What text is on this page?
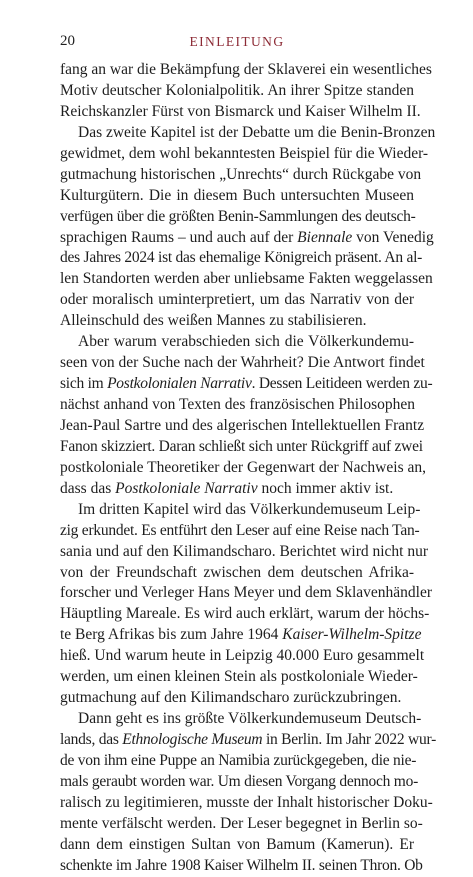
20	EINLEITUNG

fang an war die Bekämpfung der Sklaverei ein wesentliches
Motiv deutscher Kolonialpolitik. An ihrer Spitze standen
Reichskanzler Fürst von Bismarck und Kaiser Wilhelm II.

Das zweite Kapitel ist der Debatte um die Benin-Bronzen
gewidmet, dem wohl bekanntesten Beispiel für die Wieder-
gutmachung historischen „Unrechts“ durch Rückgabe von
Kulturgütern. Die in diesem Buch untersuchten Museen
verfügen über die größten Benin-Sammlungen des deutsch-
sprachigen Raums – und auch auf der Biennale von Venedig
des Jahres 2024 ist das ehemalige Königreich präsent. An al-
len Standorten werden aber unliebsame Fakten weggelassen
oder moralisch uminterpretiert, um das Narrativ von der
Alleinschuld des weißen Mannes zu stabilisieren.

Aber warum verabschieden sich die Völkerkundemu-
seen von der Suche nach der Wahrheit? Die Antwort findet
sich im Postkolonialen Narrativ. Dessen Leitideen werden zu-
nächst anhand von Texten des französischen Philosophen
Jean-Paul Sartre und des algerischen Intellektuellen Frantz
Fanon skizziert. Daran schließt sich unter Rückgriff auf zwei
postkoloniale Theoretiker der Gegenwart der Nachweis an,
dass das Postkoloniale Narrativ noch immer aktiv ist.

Im dritten Kapitel wird das Völkerkundemuseum Leip-
zig erkundet. Es entführt den Leser auf eine Reise nach Tan-
sania und auf den Kilimandscharo. Berichtet wird nicht nur
von der Freundschaft zwischen dem deutschen Afrika-
forscher und Verleger Hans Meyer und dem Sklavenhändler
Häuptling Mareale. Es wird auch erklärt, warum der höchs-
te Berg Afrikas bis zum Jahre 1964 Kaiser-Wilhelm-Spitze
hieß. Und warum heute in Leipzig 40.000 Euro gesammelt
werden, um einen kleinen Stein als postkoloniale Wieder-
gutmachung auf den Kilimandscharo zurückzubringen.

Dann geht es ins größte Völkerkundemuseum Deutsch-
lands, das Ethnologische Museum in Berlin. Im Jahr 2022 wur-
de von ihm eine Puppe an Namibia zurückgegeben, die nie-
mals geraubt worden war. Um diesen Vorgang dennoch mo-
ralisch zu legitimieren, musste der Inhalt historischer Doku-
mente verfälscht werden. Der Leser begegnet in Berlin so-
dann dem einstigen Sultan von Bamum (Kamerun). Er
schenkte im Jahre 1908 Kaiser Wilhelm II. seinen Thron. Ob
